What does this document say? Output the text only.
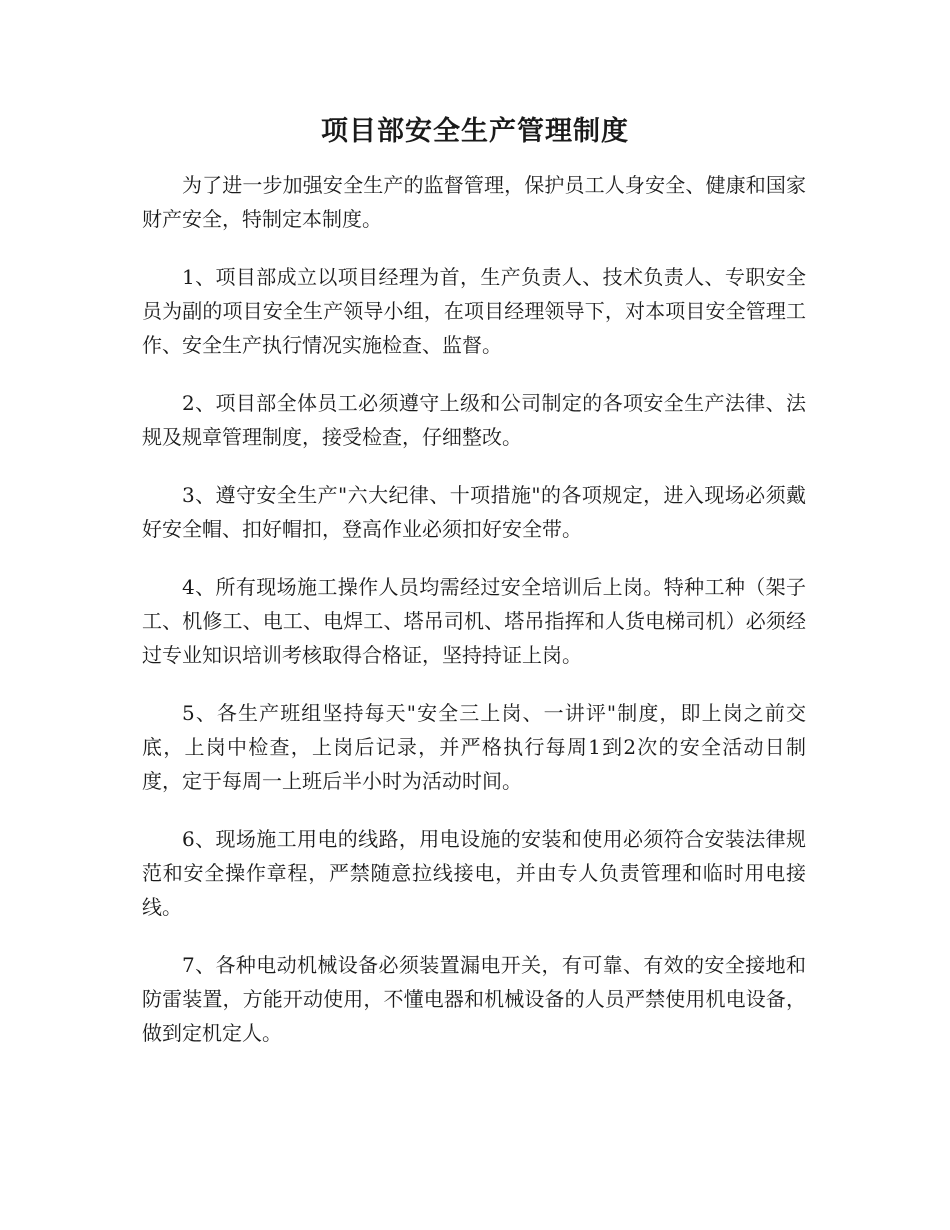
项目部安全生产管理制度

为了进一步加强安全生产的监督管理，保护员工人身安全、健康和国家财产安全，特制定本制度。

1、项目部成立以项目经理为首，生产负责人、技术负责人、专职安全员为副的项目安全生产领导小组，在项目经理领导下，对本项目安全管理工作、安全生产执行情况实施检查、监督。

2、项目部全体员工必须遵守上级和公司制定的各项安全生产法律、法规及规章管理制度，接受检查，仔细整改。

3、遵守安全生产"六大纪律、十项措施"的各项规定，进入现场必须戴好安全帽、扣好帽扣，登高作业必须扣好安全带。

4、所有现场施工操作人员均需经过安全培训后上岗。特种工种（架子工、机修工、电工、电焊工、塔吊司机、塔吊指挥和人货电梯司机）必须经过专业知识培训考核取得合格证，坚持持证上岗。

5、各生产班组坚持每天"安全三上岗、一讲评"制度，即上岗之前交底，上岗中检查，上岗后记录，并严格执行每周1到2次的安全活动日制度，定于每周一上班后半小时为活动时间。

6、现场施工用电的线路，用电设施的安装和使用必须符合安装法律规范和安全操作章程，严禁随意拉线接电，并由专人负责管理和临时用电接线。

7、各种电动机械设备必须装置漏电开关，有可靠、有效的安全接地和防雷装置，方能开动使用，不懂电器和机械设备的人员严禁使用机电设备，做到定机定人。
